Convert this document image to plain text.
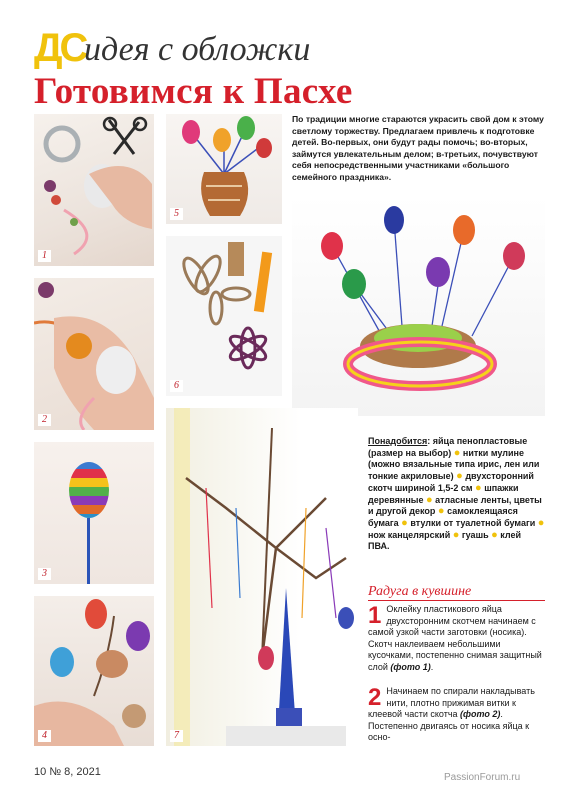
ДС
идея с обложки
Готовимся к Пасхе
По традиции многие стараются украсить свой дом к этому светлому торжеству. Предлагаем привлечь к подготовке детей. Во-первых, они будут рады помочь; во-вторых, займутся увлекательным делом; в-третьих, почувствуют себя непосредственными участниками «большого семейного праздника».
1
2
3
4
5
6
7
Понадобится: яйца пенопластовые (размер на выбор) ● нитки мулине (можно вязальные типа ирис, лен или тонкие акриловые) ● двухсторонний скотч шириной 1,5-2 см ● шпажки деревянные ● атласные ленты, цветы и другой декор ● самоклеящаяся бумага ● втулки от туалетной бумаги ● нож канцелярский ● гуашь ● клей ПВА.
Радуга в кувшине
1 Оклейку пластикового яйца двухсторонним скотчем начинаем с самой узкой части заготовки (носика). Скотч наклеиваем небольшими кусочками, постепенно снимая защитный слой (фото 1).
2 Начинаем по спирали накладывать нити, плотно прижимая витки к клеевой части скотча (фото 2). Постепенно двигаясь от носика яйца к осно-
10 № 8, 2021	PassionForum.ru
